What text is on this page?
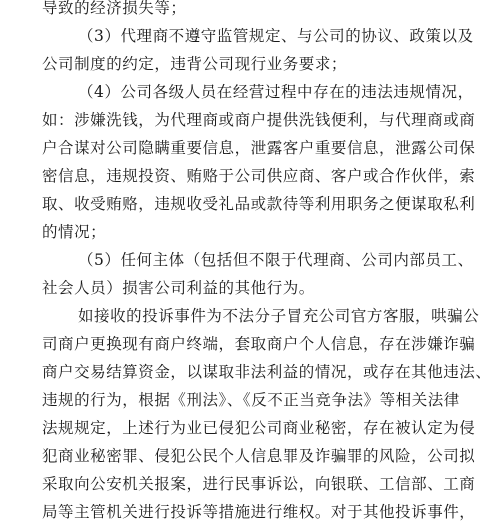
导致的经济损失等；
（3）代理商不遵守监管规定、与公司的协议、政策以及
公司制度的约定，违背公司现行业务要求；
（4）公司各级人员在经营过程中存在的违法违规情况，
如：涉嫌洗钱，为代理商或商户提供洗钱便利，与代理商或商
户合谋对公司隐瞒重要信息，泄露客户重要信息，泄露公司保
密信息，违规投资、贿赂于公司供应商、客户或合作伙伴，索
取、收受贿赂，违规收受礼品或款待等利用职务之便谋取私利
的情况；
（5）任何主体（包括但不限于代理商、公司内部员工、
社会人员）损害公司利益的其他行为。
如接收的投诉事件为不法分子冒充公司官方客服，哄骗公
司商户更换现有商户终端，套取商户个人信息，存在涉嫌诈骗
商户交易结算资金，以谋取非法利益的情况，或存在其他违法、
违规的行为，根据《刑法》、《反不正当竞争法》等相关法律
法规规定，上述行为业已侵犯公司商业秘密，存在被认定为侵
犯商业秘密罪、侵犯公民个人信息罪及诈骗罪的风险，公司拟
采取向公安机关报案，进行民事诉讼，向银联、工信部、工商
局等主管机关进行投诉等措施进行维权。对于其他投诉事件，
